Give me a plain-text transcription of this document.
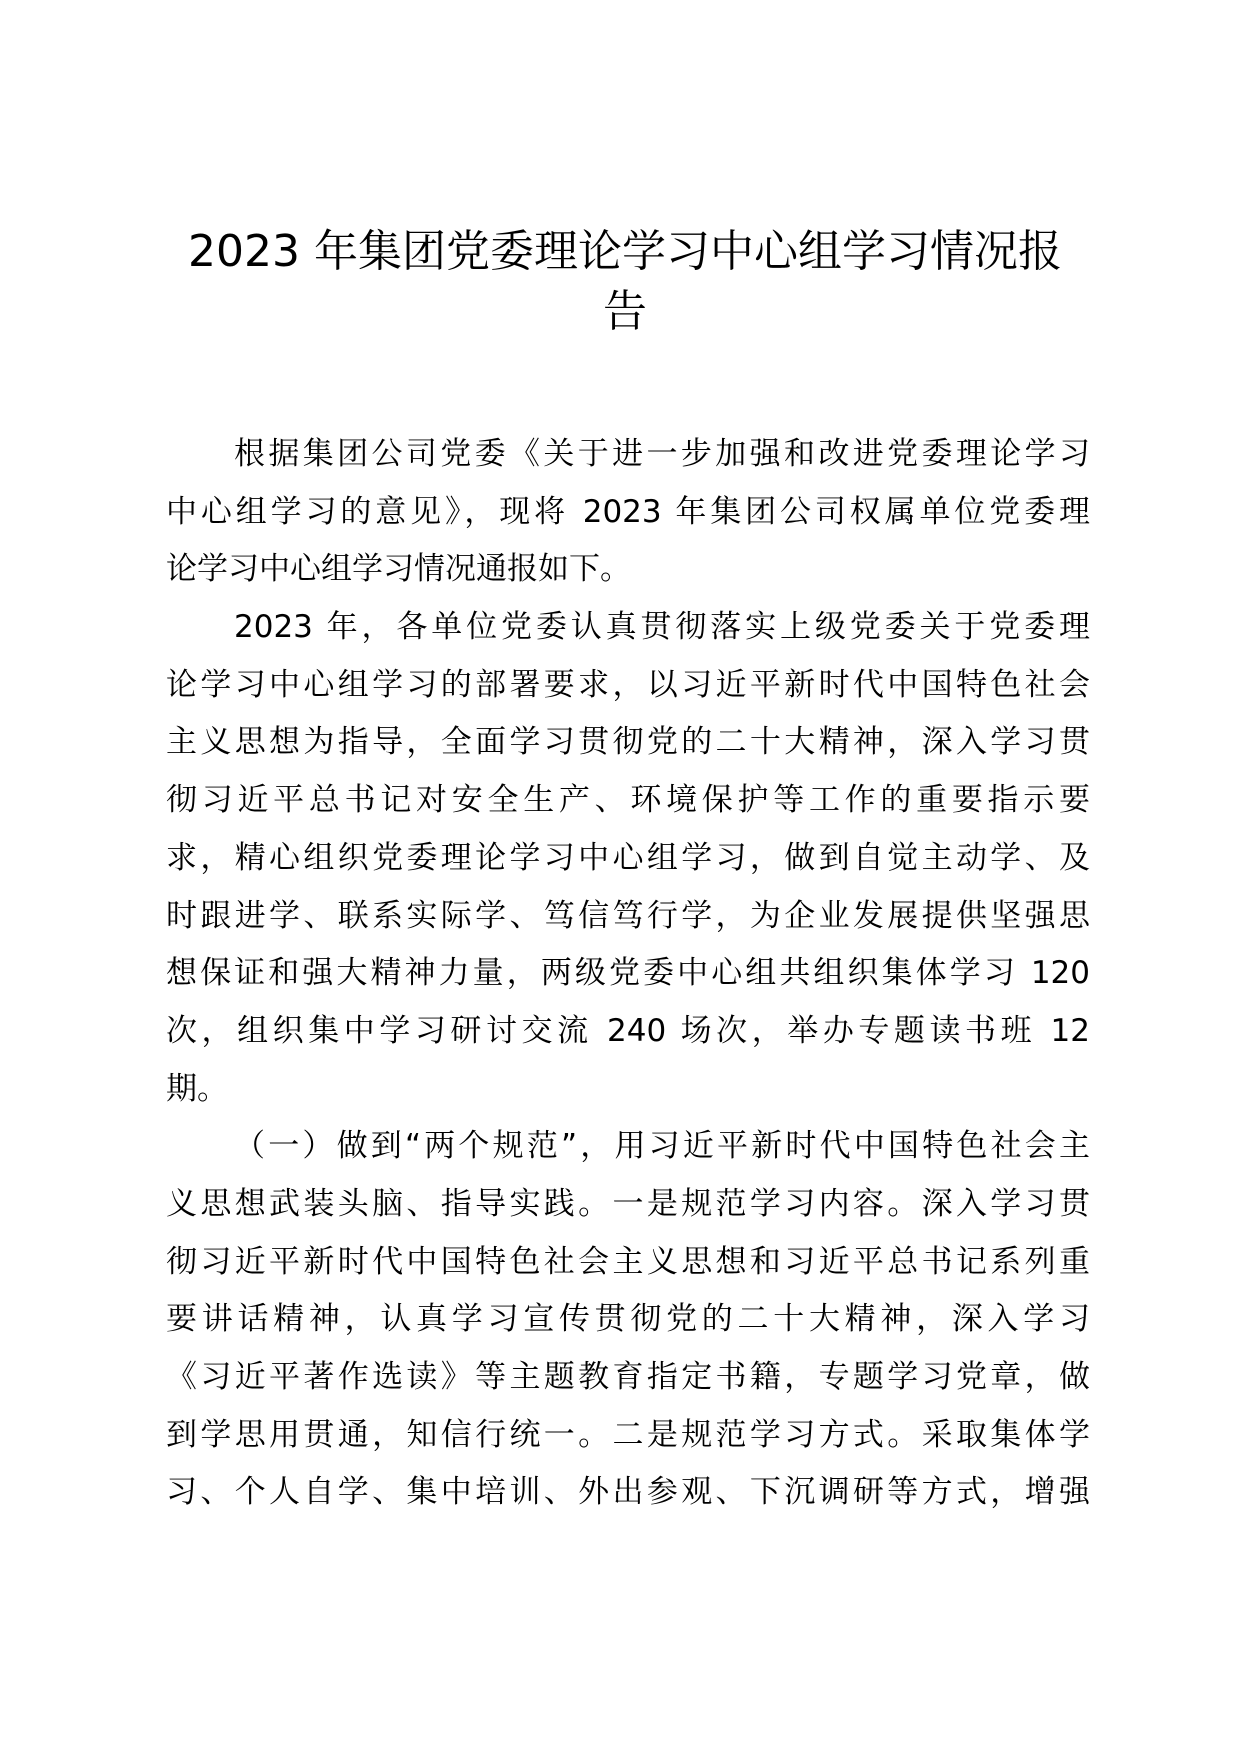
2023 年集团党委理论学习中心组学习情况报
告
根据集团公司党委《关于进一步加强和改进党委理论学习
中心组学习的意见》，现将 2023 年集团公司权属单位党委理
论学习中心组学习情况通报如下。
2023 年，各单位党委认真贯彻落实上级党委关于党委理
论学习中心组学习的部署要求，以习近平新时代中国特色社会
主义思想为指导，全面学习贯彻党的二十大精神，深入学习贯
彻习近平总书记对安全生产、环境保护等工作的重要指示要
求，精心组织党委理论学习中心组学习，做到自觉主动学、及
时跟进学、联系实际学、笃信笃行学，为企业发展提供坚强思
想保证和强大精神力量，两级党委中心组共组织集体学习 120
次，组织集中学习研讨交流 240 场次，举办专题读书班 12
期。
（一）做到“两个规范”，用习近平新时代中国特色社会主
义思想武装头脑、指导实践。一是规范学习内容。深入学习贯
彻习近平新时代中国特色社会主义思想和习近平总书记系列重
要讲话精神，认真学习宣传贯彻党的二十大精神，深入学习
《习近平著作选读》等主题教育指定书籍，专题学习党章，做
到学思用贯通，知信行统一。二是规范学习方式。采取集体学
习、个人自学、集中培训、外出参观、下沉调研等方式，增强
